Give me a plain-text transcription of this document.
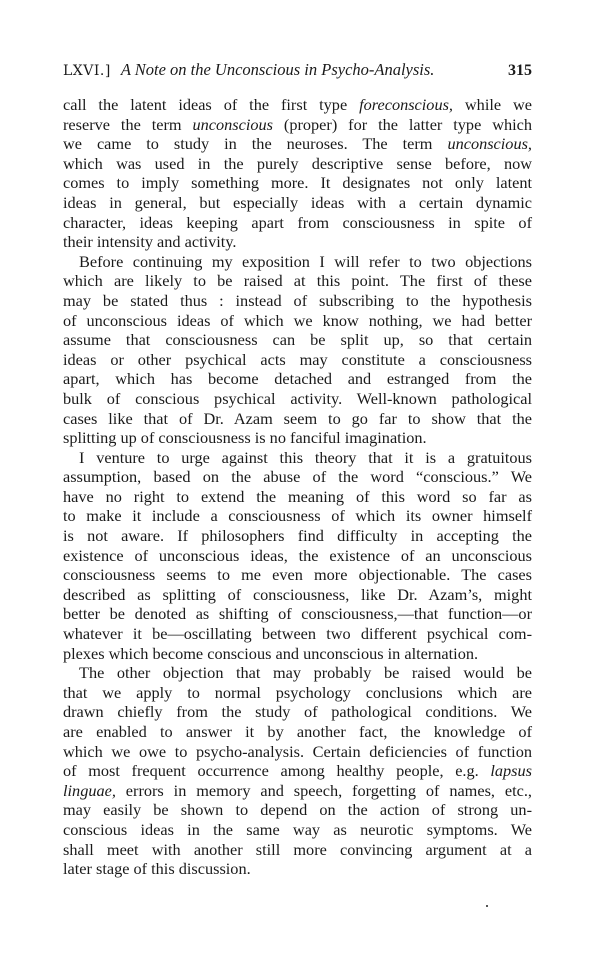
LXVI.] A Note on the Unconscious in Psycho-Analysis.	315
call the latent ideas of the first type foreconscious, while we
reserve the term unconscious (proper) for the latter type which
we came to study in the neuroses. The term unconscious,
which was used in the purely descriptive sense before, now
comes to imply something more. It designates not only latent
ideas in general, but especially ideas with a certain dynamic
character, ideas keeping apart from consciousness in spite of
their intensity and activity.
Before continuing my exposition I will refer to two objections
which are likely to be raised at this point. The first of these
may be stated thus : instead of subscribing to the hypothesis
of unconscious ideas of which we know nothing, we had better
assume that consciousness can be split up, so that certain
ideas or other psychical acts may constitute a consciousness
apart, which has become detached and estranged from the
bulk of conscious psychical activity. Well-known pathological
cases like that of Dr. Azam seem to go far to show that the
splitting up of consciousness is no fanciful imagination.
I venture to urge against this theory that it is a gratuitous
assumption, based on the abuse of the word “conscious.” We
have no right to extend the meaning of this word so far as
to make it include a consciousness of which its owner himself
is not aware. If philosophers find difficulty in accepting the
existence of unconscious ideas, the existence of an unconscious
consciousness seems to me even more objectionable. The cases
described as splitting of consciousness, like Dr. Azam’s, might
better be denoted as shifting of consciousness,—that function—or
whatever it be—oscillating between two different psychical com-
plexes which become conscious and unconscious in alternation.
The other objection that may probably be raised would be
that we apply to normal psychology conclusions which are
drawn chiefly from the study of pathological conditions. We
are enabled to answer it by another fact, the knowledge of
which we owe to psycho-analysis. Certain deficiencies of function
of most frequent occurrence among healthy people, e.g. lapsus
linguae, errors in memory and speech, forgetting of names, etc.,
may easily be shown to depend on the action of strong un-
conscious ideas in the same way as neurotic symptoms. We
shall meet with another still more convincing argument at a
later stage of this discussion.
